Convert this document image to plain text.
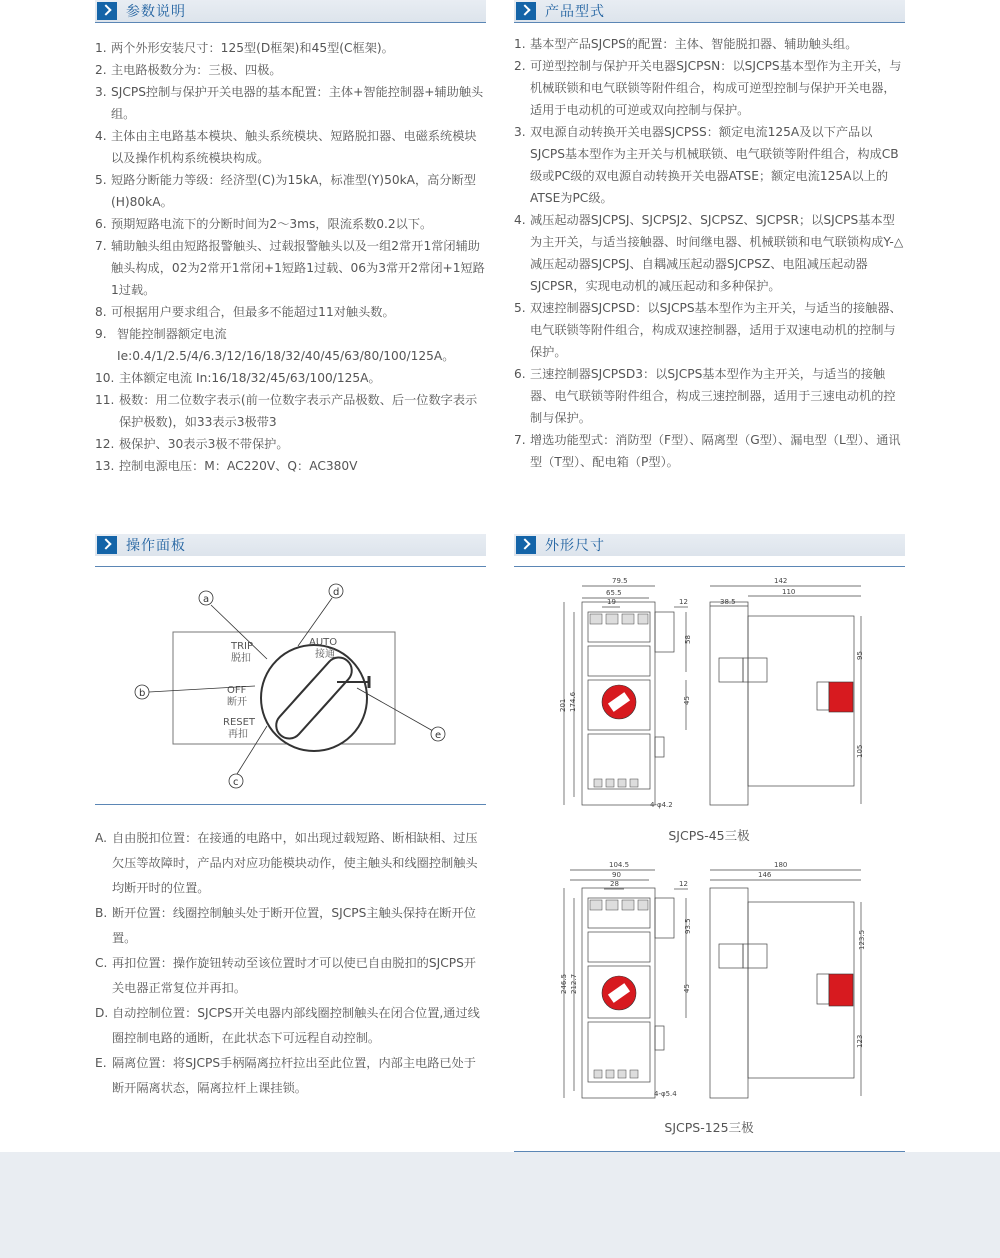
参数说明
1. 两个外形安装尺寸：125型(D框架)和45型(C框架)。
2. 主电路极数分为：三极、四极。
3. SJCPS控制与保护开关电器的基本配置：主体+智能控制器+辅助触头组。
4. 主体由主电路基本模块、触头系统模块、短路脱扣器、电磁系统模块以及操作机构系统模块构成。
5. 短路分断能力等级：经济型(C)为15kA，标准型(Y)50kA，高分断型(H)80kA。
6. 预期短路电流下的分断时间为2～3ms，限流系数0.2以下。
7. 辅助触头组由短路报警触头、过载报警触头以及一组2常开1常闭辅助触头构成，02为2常开1常闭+1短路1过载、06为3常开2常闭+1短路1过载。
8. 可根据用户要求组合，但最多不能超过11对触头数。
9. 智能控制器额定电流Ie:0.4/1/2.5/4/6.3/12/16/18/32/40/45/63/80/100/125A。
10. 主体额定电流 In:16/18/32/45/63/100/125A。
11. 极数：用二位数字表示(前一位数字表示产品极数、后一位数字表示保护极数)，如33表示3极带3
12. 极保护、30表示3极不带保护。
13. 控制电源电压：M：AC220V、Q：AC380V
产品型式
1. 基本型产品SJCPS的配置：主体、智能脱扣器、辅助触头组。
2. 可逆型控制与保护开关电器SJCPSN：以SJCPS基本型作为主开关，与机械联锁和电气联锁等附件组合，构成可逆型控制与保护开关电器，适用于电动机的可逆或双向控制与保护。
3. 双电源自动转换开关电器SJCPSS：额定电流125A及以下产品以SJCPS基本型作为主开关与机械联锁、电气联锁等附件组合，构成CB级或PC级的双电源自动转换开关电器ATSE；额定电流125A以上的ATSE为PC级。
4. 减压起动器SJCPSJ、SJCPSJ2、SJCPSZ、SJCPSR；以SJCPS基本型为主开关，与适当接触器、时间继电器、机械联锁和电气联锁构成Y-△减压起动器SJCPSJ、自耦减压起动器SJCPSZ、电阻减压起动器SJCPSR，实现电动机的减压起动和多种保护。
5. 双速控制器SJCPSD：以SJCPS基本型作为主开关，与适当的接触器、电气联锁等附件组合，构成双速控制器，适用于双速电动机的控制与保护。
6. 三速控制器SJCPSD3：以SJCPS基本型作为主开关，与适当的接触器、电气联锁等附件组合，构成三速控制器，适用于三速电动机的控制与保护。
7. 增选功能型式：消防型（F型）、隔离型（G型）、漏电型（L型）、通讯型（T型）、配电箱（P型）。
操作面板
TRIP
脱扣
AUTO
接通
OFF
断开
RESET
再扣
a
d
b
c
e
A. 自由脱扣位置：在接通的电路中，如出现过载短路、断相缺相、过压欠压等故障时，产品内对应功能模块动作，使主触头和线圈控制触头均断开时的位置。
B. 断开位置：线圈控制触头处于断开位置，SJCPS主触头保持在断开位置。
C. 再扣位置：操作旋钮转动至该位置时才可以使已自由脱扣的SJCPS开关电器正常复位并再扣。
D. 自动控制位置：SJCPS开关电器内部线圈控制触头在闭合位置,通过线圈控制电路的通断，在此状态下可远程自动控制。
E. 隔离位置：将SJCPS手柄隔离拉杆拉出至此位置，内部主电路已处于断开隔离状态，隔离拉杆上课挂锁。
外形尺寸
79.5
65.5
19	12
142
110
38.5
201 174.6
58
45
95
105
4-φ4.2
SJCPS-45三极
104.5
90
28	12
180
146
246.5 212.7
93.5
45
123.5
123
4-φ5.4
SJCPS-125三极
